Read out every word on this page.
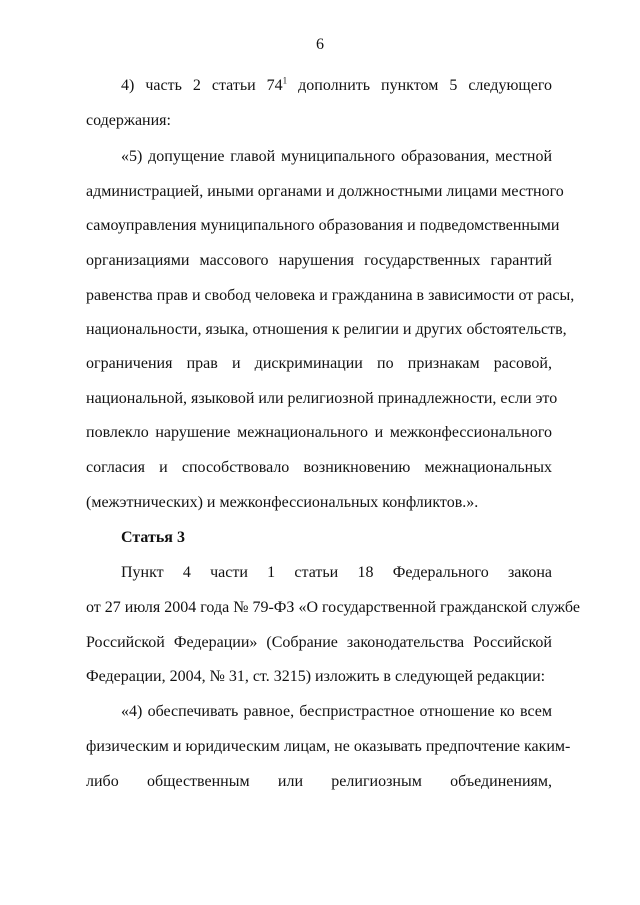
6
4) часть 2 статьи $74^1$ дополнить пунктом 5 следующего
содержания:
«5) допущение главой муниципального образования, местной
администрацией, иными органами и должностными лицами местного
самоуправления муниципального образования и подведомственными
организациями массового нарушения государственных гарантий
равенства прав и свобод человека и гражданина в зависимости от расы,
национальности, языка, отношения к религии и других обстоятельств,
ограничения прав и дискриминации по признакам расовой,
национальной, языковой или религиозной принадлежности, если это
повлекло нарушение межнационального и межконфессионального
согласия и способствовало возникновению межнациональных
(межэтнических) и межконфессиональных конфликтов.».
Статья 3
Пункт 4 части 1 статьи 18 Федерального закона
от 27 июля 2004 года № 79-ФЗ «О государственной гражданской службе
Российской Федерации» (Собрание законодательства Российской
Федерации, 2004, № 31, ст. 3215) изложить в следующей редакции:
«4) обеспечивать равное, беспристрастное отношение ко всем
физическим и юридическим лицам, не оказывать предпочтение каким-
либо общественным или религиозным объединениям,
